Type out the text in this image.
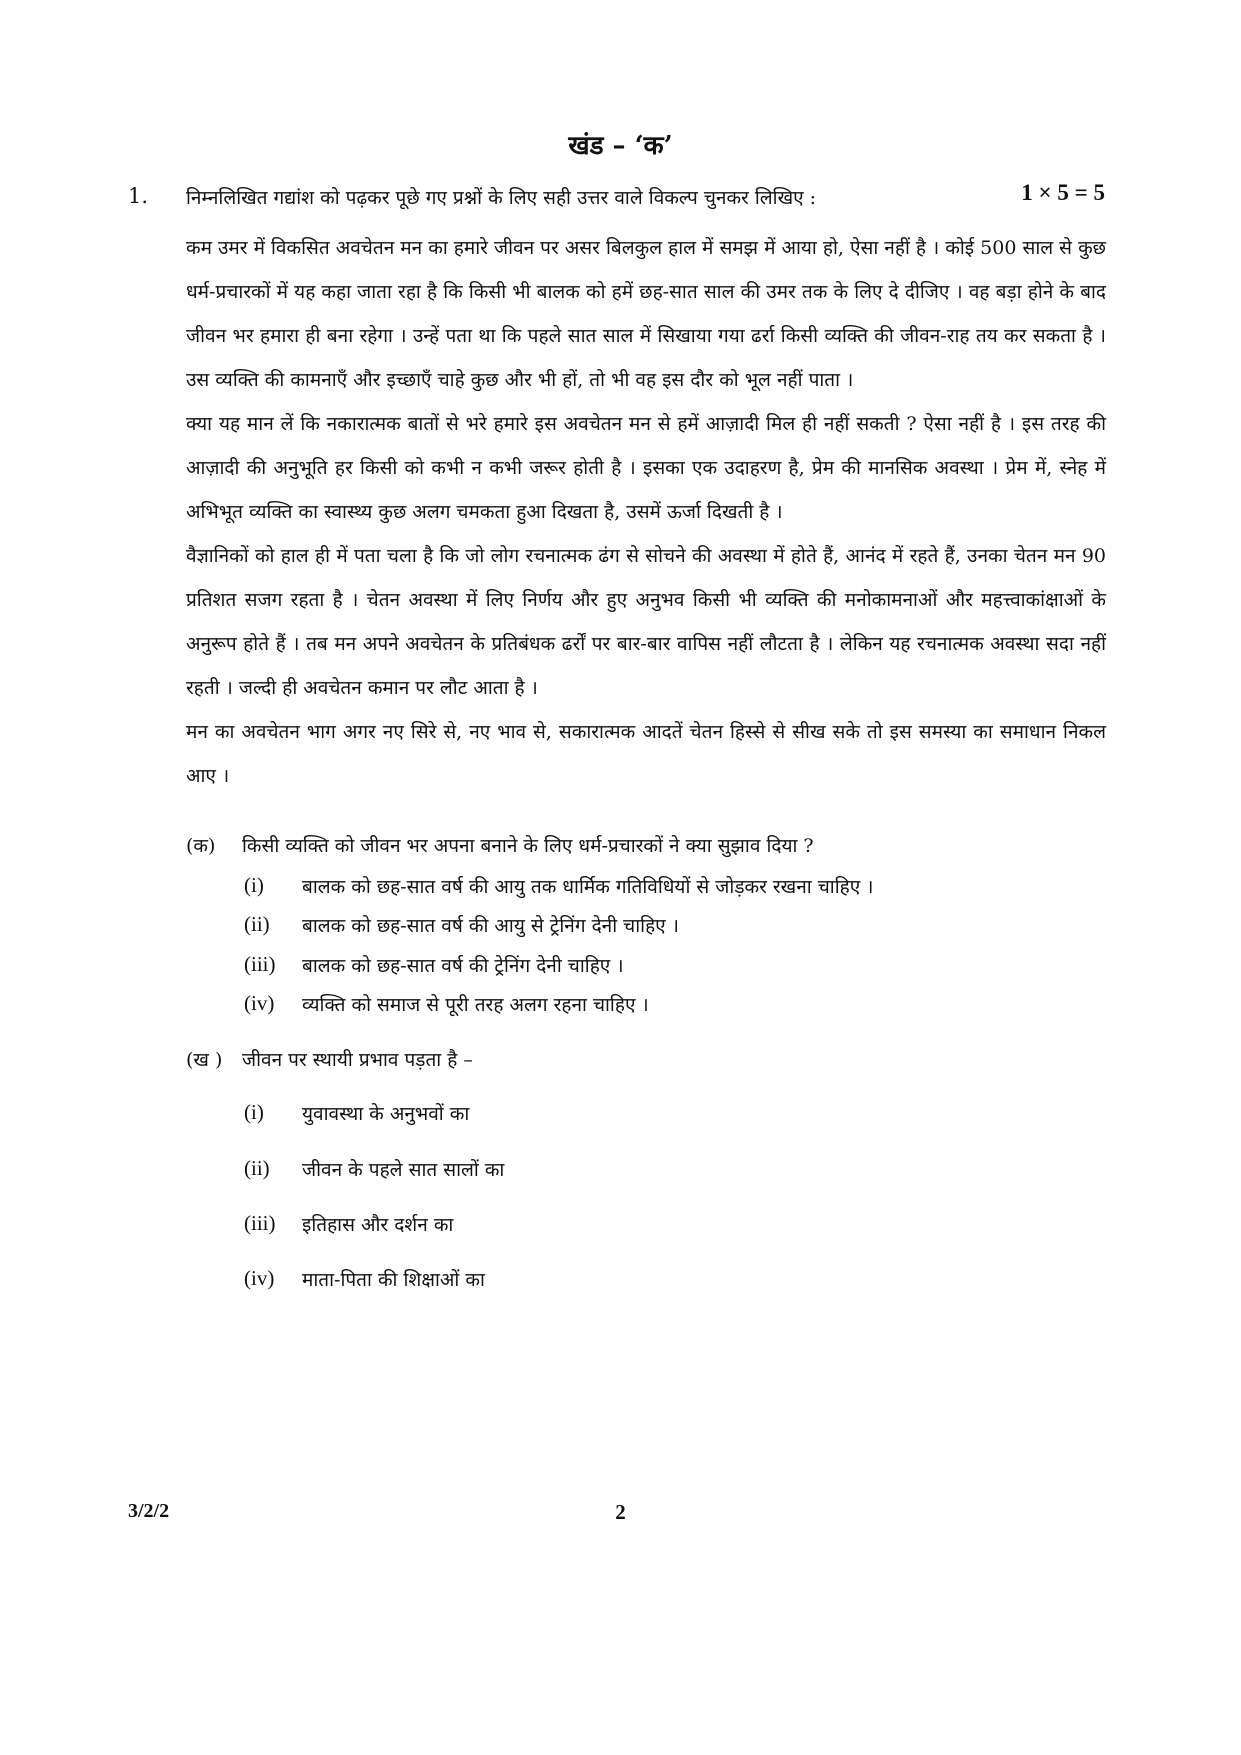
खंड – ‘क’
1. निम्नलिखित गद्यांश को पढ़कर पूछे गए प्रश्नों के लिए सही उत्तर वाले विकल्प चुनकर लिखिए :	1 × 5 = 5

कम उमर में विकसित अवचेतन मन का हमारे जीवन पर असर बिलकुल हाल में समझ में आया हो, ऐसा नहीं है । कोई 500 साल से कुछ धर्म-प्रचारकों में यह कहा जाता रहा है कि किसी भी बालक को हमें छह-सात साल की उमर तक के लिए दे दीजिए । वह बड़ा होने के बाद जीवन भर हमारा ही बना रहेगा । उन्हें पता था कि पहले सात साल में सिखाया गया ढर्रा किसी व्यक्ति की जीवन-राह तय कर सकता है । उस व्यक्ति की कामनाएँ और इच्छाएँ चाहे कुछ और भी हों, तो भी वह इस दौर को भूल नहीं पाता ।

क्या यह मान लें कि नकारात्मक बातों से भरे हमारे इस अवचेतन मन से हमें आज़ादी मिल ही नहीं सकती ? ऐसा नहीं है । इस तरह की आज़ादी की अनुभूति हर किसी को कभी न कभी जरूर होती है । इसका एक उदाहरण है, प्रेम की मानसिक अवस्था । प्रेम में, स्नेह में अभिभूत व्यक्ति का स्वास्थ्य कुछ अलग चमकता हुआ दिखता है, उसमें ऊर्जा दिखती है ।

वैज्ञानिकों को हाल ही में पता चला है कि जो लोग रचनात्मक ढंग से सोचने की अवस्था में होते हैं, आनंद में रहते हैं, उनका चेतन मन 90 प्रतिशत सजग रहता है । चेतन अवस्था में लिए निर्णय और हुए अनुभव किसी भी व्यक्ति की मनोकामनाओं और महत्त्वाकांक्षाओं के अनुरूप होते हैं । तब मन अपने अवचेतन के प्रतिबंधक ढर्रों पर बार-बार वापिस नहीं लौटता है । लेकिन यह रचनात्मक अवस्था सदा नहीं रहती । जल्दी ही अवचेतन कमान पर लौट आता है ।

मन का अवचेतन भाग अगर नए सिरे से, नए भाव से, सकारात्मक आदतें चेतन हिस्से से सीख सके तो इस समस्या का समाधान निकल आए ।

(क)	किसी व्यक्ति को जीवन भर अपना बनाने के लिए धर्म-प्रचारकों ने क्या सुझाव दिया ?
(i)	बालक को छह-सात वर्ष की आयु तक धार्मिक गतिविधियों से जोड़कर रखना चाहिए ।
(ii)	बालक को छह-सात वर्ष की आयु से ट्रेनिंग देनी चाहिए ।
(iii)	बालक को छह-सात वर्ष की ट्रेनिंग देनी चाहिए ।
(iv)	व्यक्ति को समाज से पूरी तरह अलग रहना चाहिए ।
(ख )	जीवन पर स्थायी प्रभाव पड़ता है –
(i)	युवावस्था के अनुभवों का
(ii)	जीवन के पहले सात सालों का
(iii)	इतिहास और दर्शन का
(iv)	माता-पिता की शिक्षाओं का
3/2/2	2
